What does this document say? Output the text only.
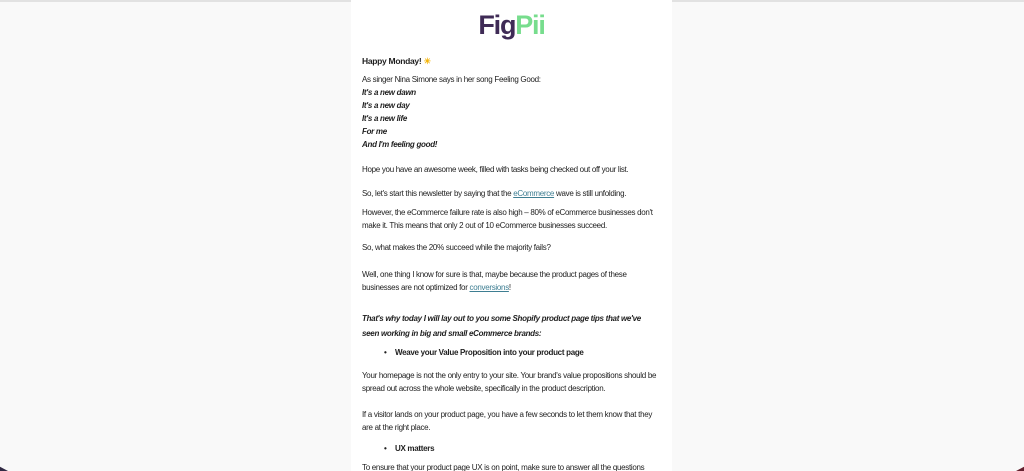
FigPii
Happy Monday! ☀
As singer Nina Simone says in her song Feeling Good:
It's a new dawn
It's a new day
It's a new life
For me
And I'm feeling good!
Hope you have an awesome week, filled with tasks being checked out off your list.
So, let's start this newsletter by saying that the eCommerce wave is still unfolding.
However, the eCommerce failure rate is also high – 80% of eCommerce businesses don't
make it. This means that only 2 out of 10 eCommerce businesses succeed.
So, what makes the 20% succeed while the majority fails?
Well, one thing I know for sure is that, maybe because the product pages of these
businesses are not optimized for conversions!
That's why today I will lay out to you some Shopify product page tips that we've
seen working in big and small eCommerce brands:
• Weave your Value Proposition into your product page
Your homepage is not the only entry to your site. Your brand's value propositions should be
spread out across the whole website, specifically in the product description.
If a visitor lands on your product page, you have a few seconds to let them know that they
are at the right place.
• UX matters
To ensure that your product page UX is on point, make sure to answer all the questions
